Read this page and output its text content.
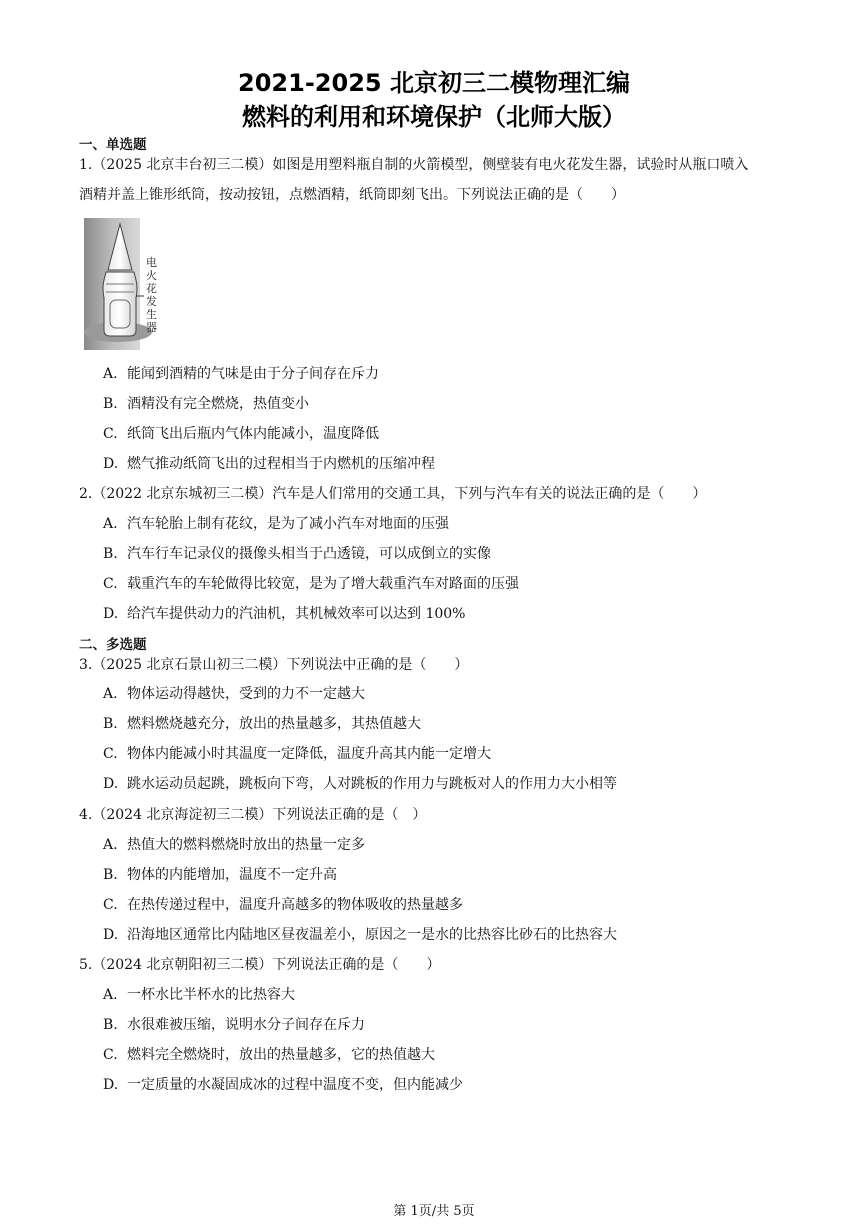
2021-2025 北京初三二模物理汇编
燃料的利用和环境保护（北师大版）
一、单选题
1.（2025 北京丰台初三二模）如图是用塑料瓶自制的火箭模型，侧壁装有电火花发生器，试验时从瓶口喷入
酒精并盖上锥形纸筒，按动按钮，点燃酒精，纸筒即刻飞出。下列说法正确的是（　　）
电
火
花
发
生
器
A. 能闻到酒精的气味是由于分子间存在斥力
B. 酒精没有完全燃烧，热值变小
C. 纸筒飞出后瓶内气体内能减小，温度降低
D. 燃气推动纸筒飞出的过程相当于内燃机的压缩冲程
2.（2022 北京东城初三二模）汽车是人们常用的交通工具，下列与汽车有关的说法正确的是（　　）
A. 汽车轮胎上制有花纹，是为了减小汽车对地面的压强
B. 汽车行车记录仪的摄像头相当于凸透镜，可以成倒立的实像
C. 载重汽车的车轮做得比较宽，是为了增大载重汽车对路面的压强
D. 给汽车提供动力的汽油机，其机械效率可以达到 100%
二、多选题
3.（2025 北京石景山初三二模）下列说法中正确的是（　　）
A. 物体运动得越快，受到的力不一定越大
B. 燃料燃烧越充分，放出的热量越多，其热值越大
C. 物体内能减小时其温度一定降低，温度升高其内能一定增大
D. 跳水运动员起跳，跳板向下弯，人对跳板的作用力与跳板对人的作用力大小相等
4.（2024 北京海淀初三二模）下列说法正确的是（　）
A. 热值大的燃料燃烧时放出的热量一定多
B. 物体的内能增加，温度不一定升高
C. 在热传递过程中，温度升高越多的物体吸收的热量越多
D. 沿海地区通常比内陆地区昼夜温差小，原因之一是水的比热容比砂石的比热容大
5.（2024 北京朝阳初三二模）下列说法正确的是（　　）
A. 一杯水比半杯水的比热容大
B. 水很难被压缩，说明水分子间存在斥力
C. 燃料完全燃烧时，放出的热量越多，它的热值越大
D. 一定质量的水凝固成冰的过程中温度不变，但内能减少
第 1页/共 5页
